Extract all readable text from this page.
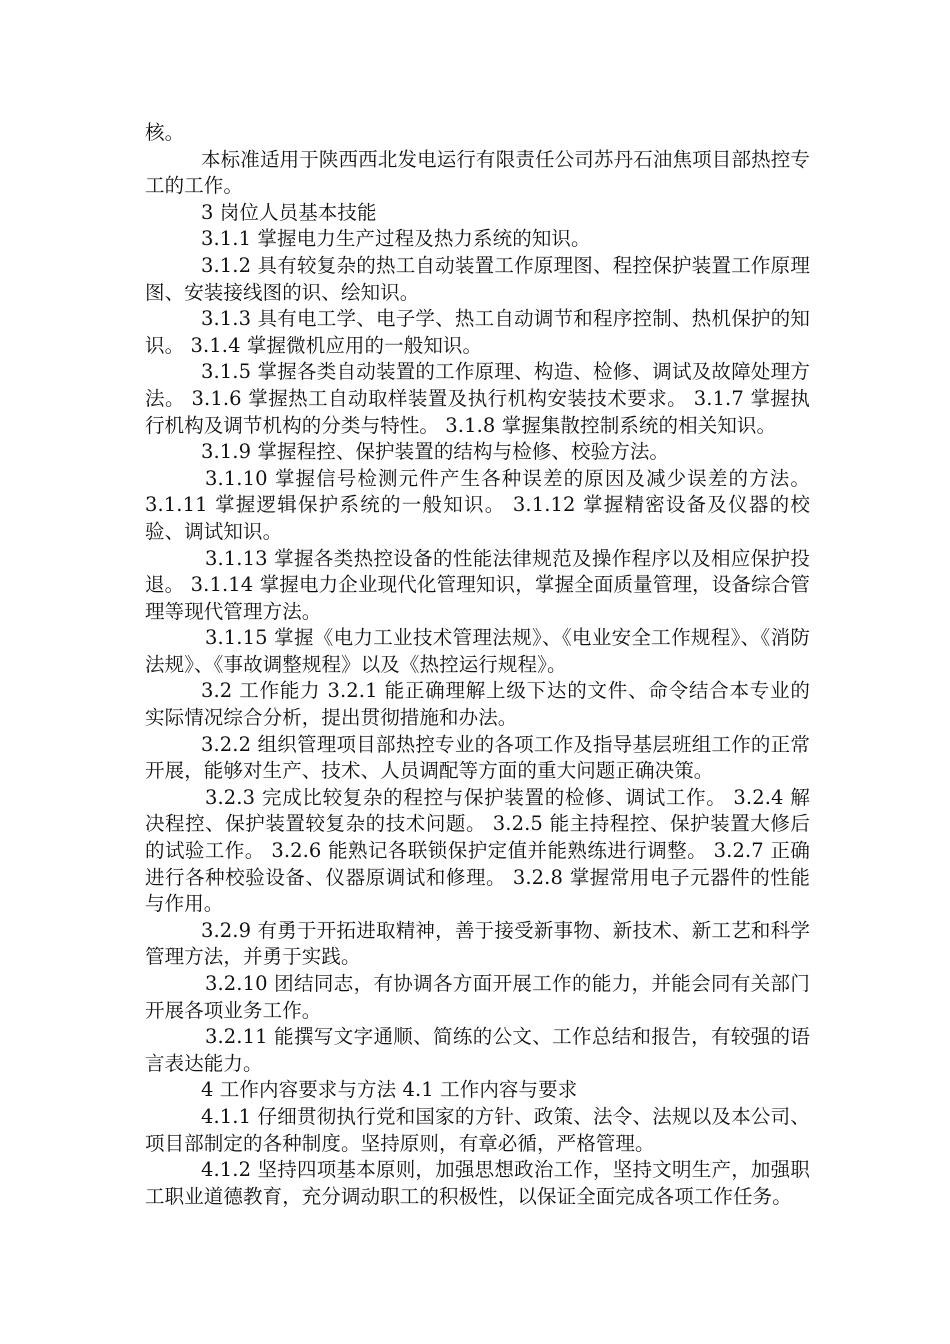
核。

本标准适用于陕西西北发电运行有限责任公司苏丹石油焦项目部热控专工的工作。

3 岗位人员基本技能

3.1.1 掌握电力生产过程及热力系统的知识。

3.1.2 具有较复杂的热工自动装置工作原理图、程控保护装置工作原理图、安装接线图的识、绘知识。

3.1.3 具有电工学、电子学、热工自动调节和程序控制、热机保护的知识。 3.1.4 掌握微机应用的一般知识。

3.1.5 掌握各类自动装置的工作原理、构造、检修、调试及故障处理方法。 3.1.6 掌握热工自动取样装置及执行机构安装技术要求。 3.1.7 掌握执行机构及调节机构的分类与特性。 3.1.8 掌握集散控制系统的相关知识。

3.1.9 掌握程控、保护装置的结构与检修、校验方法。

3.1.10 掌握信号检测元件产生各种误差的原因及减少误差的方法。 3.1.11 掌握逻辑保护系统的一般知识。 3.1.12 掌握精密设备及仪器的校验、调试知识。

3.1.13 掌握各类热控设备的性能法律规范及操作程序以及相应保护投退。 3.1.14 掌握电力企业现代化管理知识，掌握全面质量管理，设备综合管理等现代管理方法。

3.1.15 掌握《电力工业技术管理法规》、《电业安全工作规程》、《消防法规》、《事故调整规程》以及《热控运行规程》。

3.2 工作能力 3.2.1 能正确理解上级下达的文件、命令结合本专业的实际情况综合分析，提出贯彻措施和办法。

3.2.2 组织管理项目部热控专业的各项工作及指导基层班组工作的正常开展，能够对生产、技术、人员调配等方面的重大问题正确决策。

3.2.3 完成比较复杂的程控与保护装置的检修、调试工作。 3.2.4 解决程控、保护装置较复杂的技术问题。 3.2.5 能主持程控、保护装置大修后的试验工作。 3.2.6 能熟记各联锁保护定值并能熟练进行调整。 3.2.7 正确进行各种校验设备、仪器原调试和修理。 3.2.8 掌握常用电子元器件的性能与作用。

3.2.9 有勇于开拓进取精神，善于接受新事物、新技术、新工艺和科学管理方法，并勇于实践。

3.2.10 团结同志，有协调各方面开展工作的能力，并能会同有关部门开展各项业务工作。

3.2.11 能撰写文字通顺、简练的公文、工作总结和报告，有较强的语言表达能力。

4 工作内容要求与方法 4.1 工作内容与要求

4.1.1 仔细贯彻执行党和国家的方针、政策、法令、法规以及本公司、项目部制定的各种制度。坚持原则，有章必循，严格管理。

4.1.2 坚持四项基本原则，加强思想政治工作，坚持文明生产，加强职工职业道德教育，充分调动职工的积极性，以保证全面完成各项工作任务。
